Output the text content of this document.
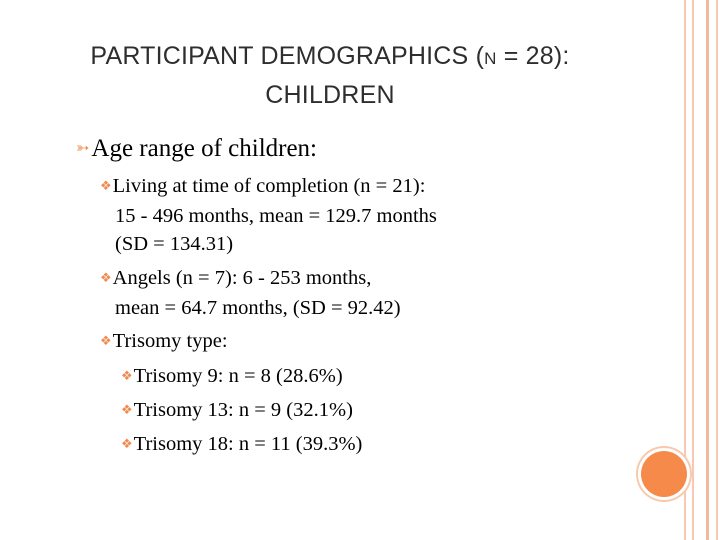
PARTICIPANT DEMOGRAPHICS (N = 28):
CHILDREN
➳Age range of children:
❖Living at time of completion (n = 21):
15 - 496 months, mean = 129.7 months
(SD = 134.31)
❖Angels (n = 7): 6 - 253 months,
mean = 64.7 months, (SD = 92.42)
❖Trisomy type:
❖Trisomy 9: n = 8 (28.6%)
❖Trisomy 13: n = 9 (32.1%)
❖Trisomy 18: n = 11 (39.3%)
